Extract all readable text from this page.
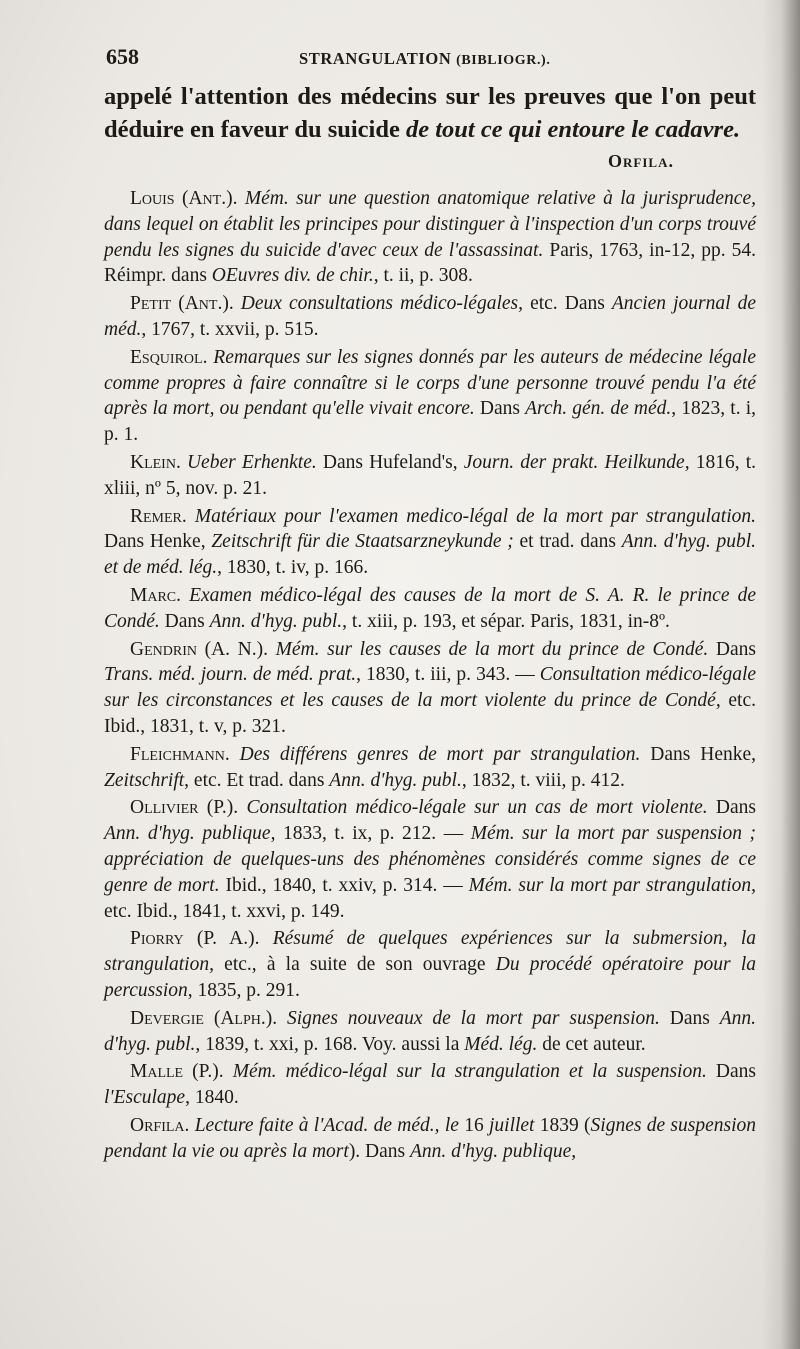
658	STRANGULATION (BIBLIOGR.).

appelé l'attention des médecins sur les preuves que l'on peut déduire en faveur du suicide de tout ce qui entoure le cadavre.

Orfila.

Louis (Ant.). Mém. sur une question anatomique relative à la jurisprudence, dans lequel on établit les principes pour distinguer à l'inspection d'un corps trouvé pendu les signes du suicide d'avec ceux de l'assassinat. Paris, 1763, in-12, pp. 54. Réimpr. dans OEuvres div. de chir., t. ii, p. 308.

Petit (Ant.). Deux consultations médico-légales, etc. Dans Ancien journal de méd., 1767, t. xxvii, p. 515.

Esquirol. Remarques sur les signes donnés par les auteurs de médecine légale comme propres à faire connaître si le corps d'une personne trouvé pendu l'a été après la mort, ou pendant qu'elle vivait encore. Dans Arch. gén. de méd., 1823, t. i, p. 1.

Klein. Ueber Erhenkte. Dans Hufeland's, Journ. der prakt. Heilkunde, 1816, t. xliii, nº 5, nov. p. 21.

Remer. Matériaux pour l'examen medico-légal de la mort par strangulation. Dans Henke, Zeitschrift für die Staatsarzneykunde ; et trad. dans Ann. d'hyg. publ. et de méd. lég., 1830, t. iv, p. 166.

Marc. Examen médico-légal des causes de la mort de S. A. R. le prince de Condé. Dans Ann. d'hyg. publ., t. xiii, p. 193, et sépar. Paris, 1831, in-8º.

Gendrin (A. N.). Mém. sur les causes de la mort du prince de Condé. Dans Trans. méd. journ. de méd. prat., 1830, t. iii, p. 343. — Consultation médico-légale sur les circonstances et les causes de la mort violente du prince de Condé, etc. Ibid., 1831, t. v, p. 321.

Fleichmann. Des différens genres de mort par strangulation. Dans Henke, Zeitschrift, etc. Et trad. dans Ann. d'hyg. publ., 1832, t. viii, p. 412.

Ollivier (P.). Consultation médico-légale sur un cas de mort violente. Dans Ann. d'hyg. publique, 1833, t. ix, p. 212. — Mém. sur la mort par suspension ; appréciation de quelques-uns des phénomènes considérés comme signes de ce genre de mort. Ibid., 1840, t. xxiv, p. 314. — Mém. sur la mort par strangulation, etc. Ibid., 1841, t. xxvi, p. 149.

Piorry (P. A.). Résumé de quelques expériences sur la submersion, la strangulation, etc., à la suite de son ouvrage Du procédé opératoire pour la percussion, 1835, p. 291.

Devergie (Alph.). Signes nouveaux de la mort par suspension. Dans Ann. d'hyg. publ., 1839, t. xxi, p. 168. Voy. aussi la Méd. lég. de cet auteur.

Malle (P.). Mém. médico-légal sur la strangulation et la suspension. Dans l'Esculape, 1840.

Orfila. Lecture faite à l'Acad. de méd., le 16 juillet 1839 (Signes de suspension pendant la vie ou après la mort). Dans Ann. d'hyg. publique,
